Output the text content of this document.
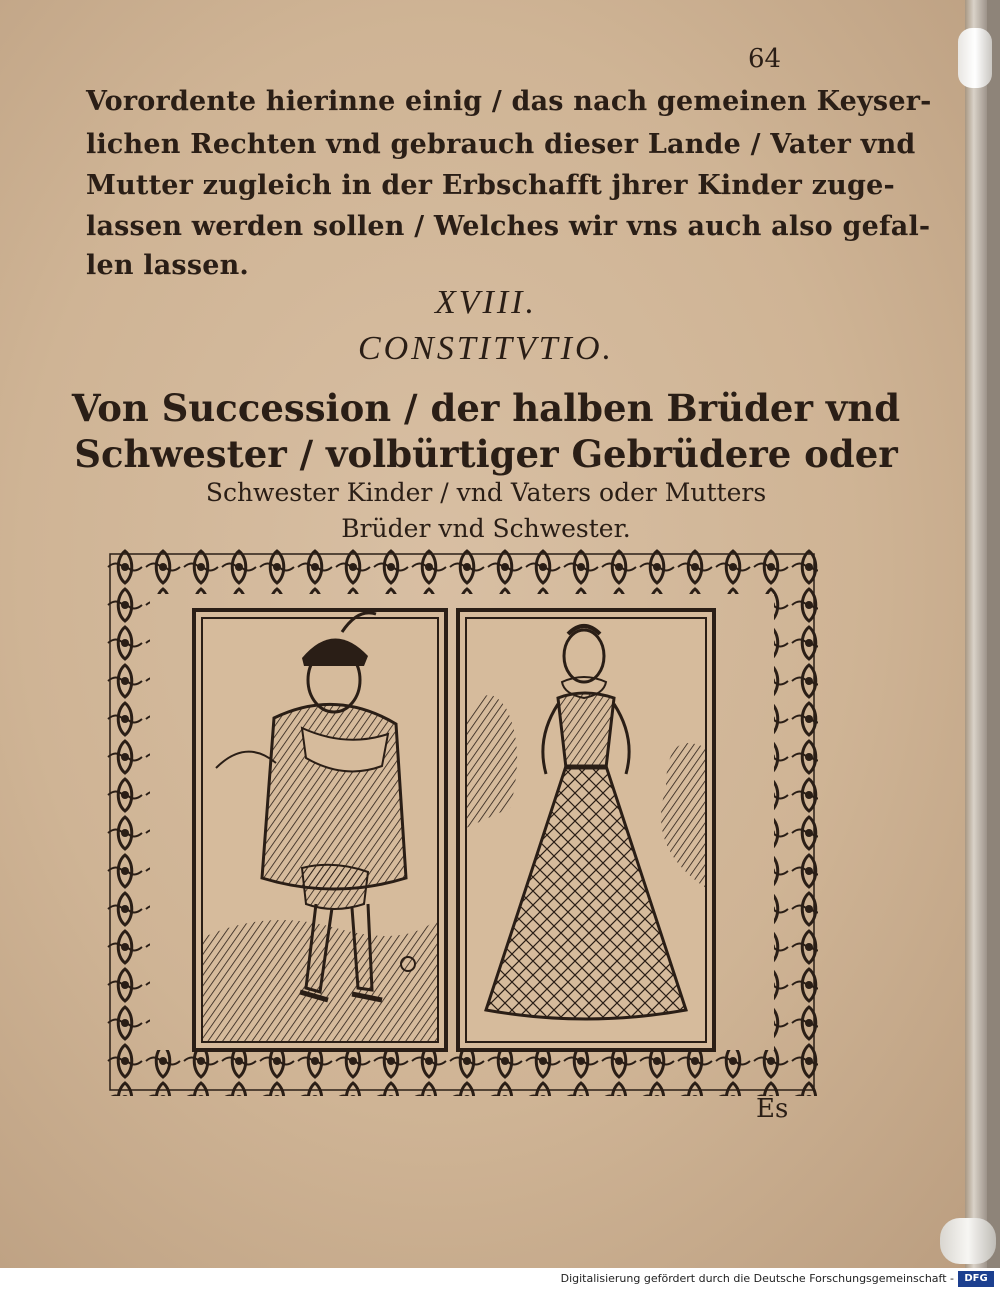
64
Vorordente hierinne einig / das nach gemeinen Keyser-
lichen Rechten vnd gebrauch dieser Lande / Vater vnd
Mutter zugleich in der Erbschafft jhrer Kinder zuge-
lassen werden sollen / Welches wir vns auch also gefal-
len lassen.
XVIII.
CONSTITVTIO.
Von Succession / der halben Brüder vnd
Schwester / volbürtiger Gebrüdere oder
Schwester Kinder / vnd Vaters oder Mutters
Brüder vnd Schwester.
Es
Digitalisierung gefördert durch die Deutsche Forschungsgemeinschaft -	DFG
